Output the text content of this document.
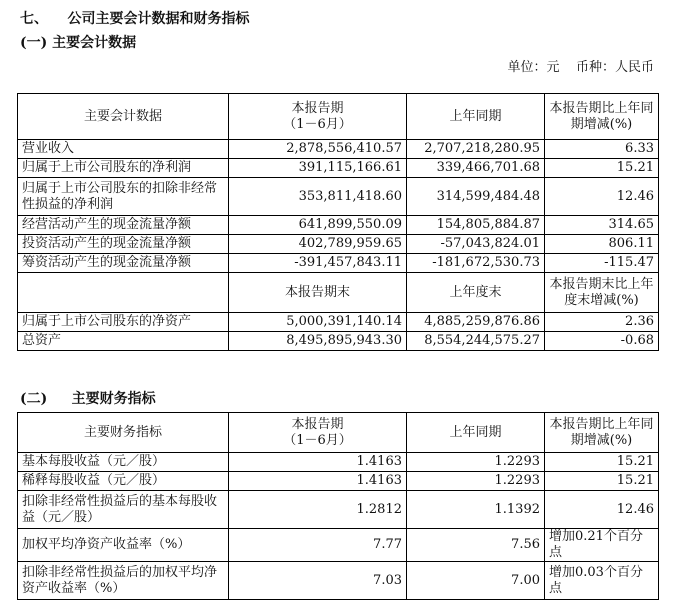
七、    公司主要会计数据和财务指标
(一) 主要会计数据
单位：元    币种：人民币
主要会计数据	本报告期
（1－6月）	上年同期	本报告期比上年同期增减(%)
营业收入	2,878,556,410.57	2,707,218,280.95	6.33
归属于上市公司股东的净利润	391,115,166.61	339,466,701.68	15.21
归属于上市公司股东的扣除非经常性损益的净利润	353,811,418.60	314,599,484.48	12.46
经营活动产生的现金流量净额	641,899,550.09	154,805,884.87	314.65
投资活动产生的现金流量净额	402,789,959.65	-57,043,824.01	806.11
筹资活动产生的现金流量净额	-391,457,843.11	-181,672,530.73	-115.47
	本报告期末	上年度末	本报告期末比上年度末增减(%)
归属于上市公司股东的净资产	5,000,391,140.14	4,885,259,876.86	2.36
总资产	8,495,895,943.30	8,554,244,575.27	-0.68
(二)     主要财务指标
主要财务指标	本报告期
（1－6月）	上年同期	本报告期比上年同期增减(%)
基本每股收益（元／股）	1.4163	1.2293	15.21
稀释每股收益（元／股）	1.4163	1.2293	15.21
扣除非经常性损益后的基本每股收益（元／股）	1.2812	1.1392	12.46
加权平均净资产收益率（%）	7.77	7.56	增加0.21个百分点
扣除非经常性损益后的加权平均净资产收益率（%）	7.03	7.00	增加0.03个百分点
